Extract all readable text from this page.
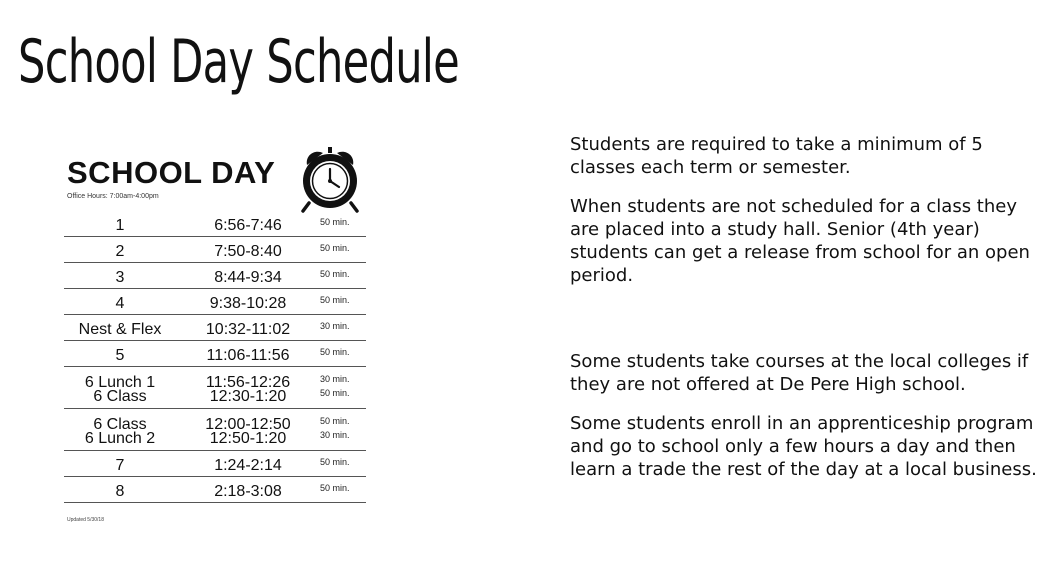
School Day Schedule
SCHOOL DAY
Office Hours: 7:00am-4:00pm
1	6:56-7:46	50 min.
2	7:50-8:40	50 min.
3	8:44-9:34	50 min.
4	9:38-10:28	50 min.
Nest & Flex	10:32-11:02	30 min.
5	11:06-11:56	50 min.
6 Lunch 1	11:56-12:26	30 min.
6 Class	12:30-1:20	50 min.
6 Class	12:00-12:50	50 min.
6 Lunch 2	12:50-1:20	30 min.
7	1:24-2:14	50 min.
8	2:18-3:08	50 min.
Updated 5/30/18

Students are required to take a minimum of 5 classes each term or semester.

When students are not scheduled for a class they are placed into a study hall. Senior (4th year) students can get a release from school for an open period.

Some students take courses at the local colleges if they are not offered at De Pere High school.

Some students enroll in an apprenticeship program and go to school only a few hours a day and then learn a trade the rest of the day at a local business.
